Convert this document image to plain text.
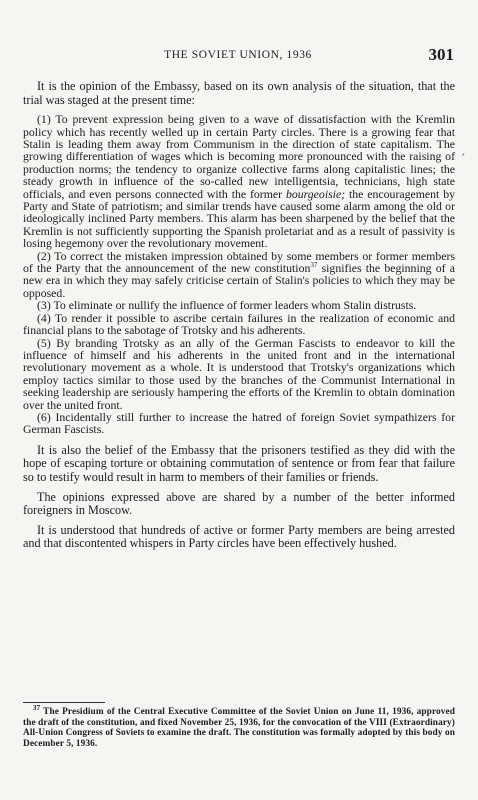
THE SOVIET UNION, 1936	301
ˏ

It is the opinion of the Embassy, based on its own analysis of the situation, that the trial was staged at the present time:

(1) To prevent expression being given to a wave of dissatisfaction with the Kremlin policy which has recently welled up in certain Party circles. There is a growing fear that Stalin is leading them away from Communism in the direction of state capitalism. The growing differentiation of wages which is becoming more pronounced with the raising of production norms; the tendency to organize collective farms along capitalistic lines; the steady growth in influence of the so-called new intelligentsia, technicians, high state officials, and even persons connected with the former bourgeoisie; the encouragement by Party and State of patriotism; and similar trends have caused some alarm among the old or ideologically inclined Party members. This alarm has been sharpened by the belief that the Kremlin is not sufficiently supporting the Spanish proletariat and as a result of passivity is losing hegemony over the revolutionary movement.

(2) To correct the mistaken impression obtained by some members or former members of the Party that the announcement of the new constitution$^{37}$ signifies the beginning of a new era in which they may safely criticise certain of Stalin's policies to which they may be opposed.

(3) To eliminate or nullify the influence of former leaders whom Stalin distrusts.

(4) To render it possible to ascribe certain failures in the realization of economic and financial plans to the sabotage of Trotsky and his adherents.

(5) By branding Trotsky as an ally of the German Fascists to endeavor to kill the influence of himself and his adherents in the united front and in the international revolutionary movement as a whole. It is understood that Trotsky's organizations which employ tactics similar to those used by the branches of the Communist International in seeking leadership are seriously hampering the efforts of the Kremlin to obtain domination over the united front.

(6) Incidentally still further to increase the hatred of foreign Soviet sympathizers for German Fascists.

It is also the belief of the Embassy that the prisoners testified as they did with the hope of escaping torture or obtaining commutation of sentence or from fear that failure so to testify would result in harm to members of their families or friends.

The opinions expressed above are shared by a number of the better informed foreigners in Moscow.

It is understood that hundreds of active or former Party members are being arrested and that discontented whispers in Party circles have been effectively hushed.

$^{37}$ The Presidium of the Central Executive Committee of the Soviet Union on June 11, 1936, approved the draft of the constitution, and fixed November 25, 1936, for the convocation of the VIII (Extraordinary) All-Union Congress of Soviets to examine the draft. The constitution was formally adopted by this body on December 5, 1936.
